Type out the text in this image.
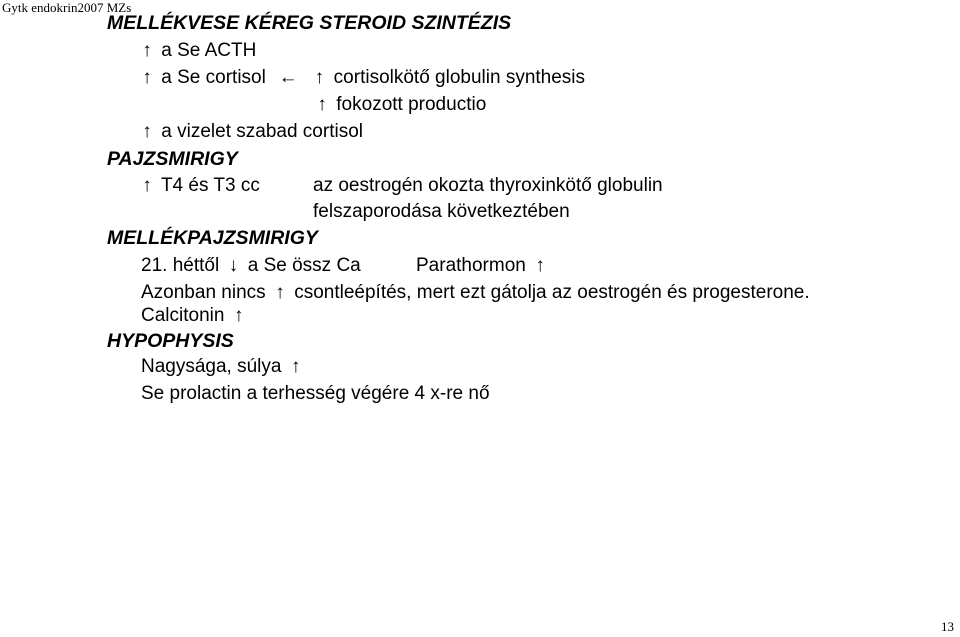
Gytk endokrin2007 MZs
MELLÉKVESE KÉREG STEROID SZINTÉZIS
↑ a Se ACTH
↑ a Se cortisol ← ↑ cortisolkötő globulin synthesis
↑ fokozott productio
↑ a vizelet szabad cortisol
PAJZSMIRIGY
↑ T4 és T3 cc	az oestrogén okozta thyroxinkötő globulin
felszaporodása következtében
MELLÉKPAJZSMIRIGY
21. héttől ↓ a Se össz Ca	Parathormon ↑
Azonban nincs ↑ csontleépítés, mert ezt gátolja az oestrogén és progesterone.
Calcitonin ↑
HYPOPHYSIS
Nagysága, súlya ↑
Se prolactin a terhesség végére 4 x-re nő
13
